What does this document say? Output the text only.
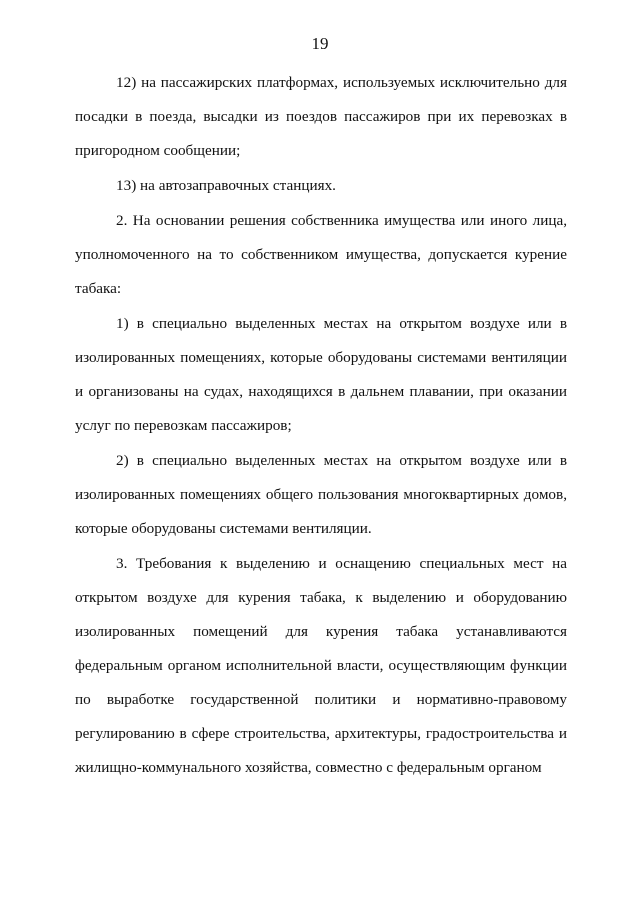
19

12) на пассажирских платформах, используемых исключительно для посадки в поезда, высадки из поездов пассажиров при их перевозках в пригородном сообщении;

13) на автозаправочных станциях.

2. На основании решения собственника имущества или иного лица, уполномоченного на то собственником имущества, допускается курение табака:

1) в специально выделенных местах на открытом воздухе или в изолированных помещениях, которые оборудованы системами вентиляции и организованы на судах, находящихся в дальнем плавании, при оказании услуг по перевозкам пассажиров;

2) в специально выделенных местах на открытом воздухе или в изолированных помещениях общего пользования многоквартирных домов, которые оборудованы системами вентиляции.

3. Требования к выделению и оснащению специальных мест на открытом воздухе для курения табака, к выделению и оборудованию изолированных помещений для курения табака устанавливаются федеральным органом исполнительной власти, осуществляющим функции по выработке государственной политики и нормативно-правовому регулированию в сфере строительства, архитектуры, градостроительства и жилищно-коммунального хозяйства, совместно с федеральным органом
